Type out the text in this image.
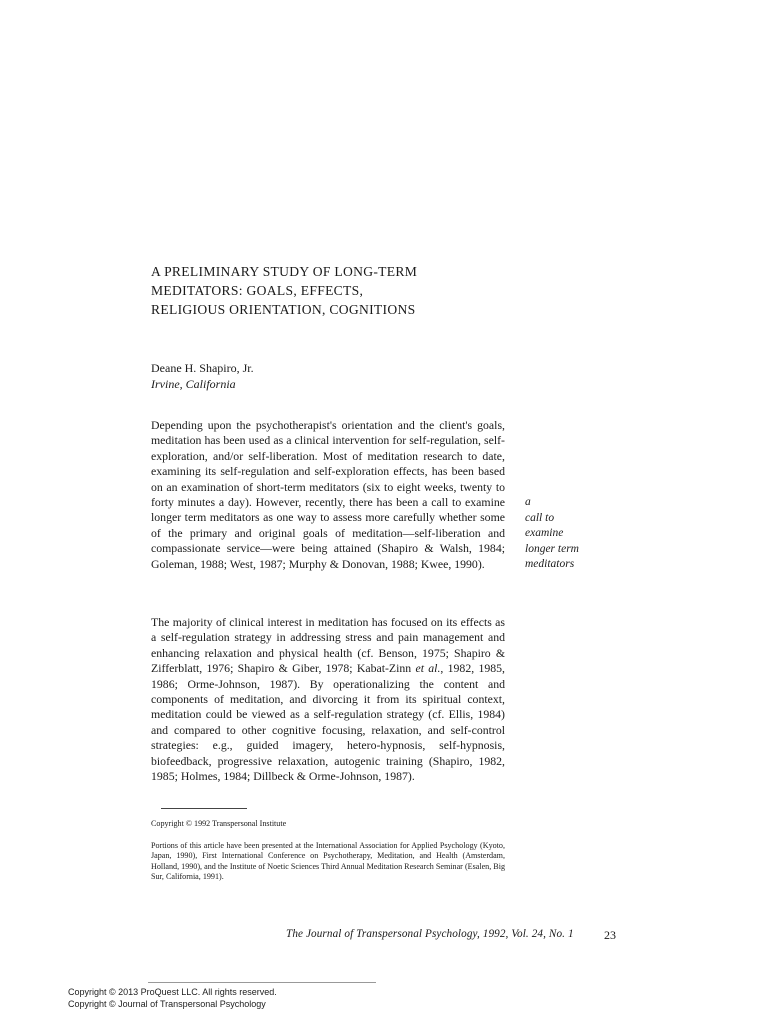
A PRELIMINARY STUDY OF LONG-TERM
MEDITATORS: GOALS, EFFECTS,
RELIGIOUS ORIENTATION, COGNITIONS
Deane H. Shapiro, Jr.
Irvine, California

Depending upon the psychotherapist's orientation and the client's goals, meditation has been used as a clinical intervention for self-regulation, self-exploration, and/or self-liberation. Most of meditation research to date, examining its self-regulation and self-exploration effects, has been based on an examination of short-term meditators (six to eight weeks, twenty to forty minutes a day). However, recently, there has been a call to examine longer term meditators as one way to assess more carefully whether some of the primary and original goals of meditation—self-liberation and compassionate service—were being attained (Shapiro & Walsh, 1984; Goleman, 1988; West, 1987; Murphy & Donovan, 1988; Kwee, 1990).

a
call to
examine
longer term
meditators

The majority of clinical interest in meditation has focused on its effects as a self-regulation strategy in addressing stress and pain management and enhancing relaxation and physical health (cf. Benson, 1975; Shapiro & Zifferblatt, 1976; Shapiro & Giber, 1978; Kabat-Zinn et al., 1982, 1985, 1986; Orme-Johnson, 1987). By operationalizing the content and components of meditation, and divorcing it from its spiritual context, meditation could be viewed as a self-regulation strategy (cf. Ellis, 1984) and compared to other cognitive focusing, relaxation, and self-control strategies: e.g., guided imagery, hetero-hypnosis, self-hypnosis, biofeedback, progressive relaxation, autogenic training (Shapiro, 1982, 1985; Holmes, 1984; Dillbeck & Orme-Johnson, 1987).

Copyright © 1992 Transpersonal Institute

Portions of this article have been presented at the International Association for Applied Psychology (Kyoto, Japan, 1990), First International Conference on Psychotherapy, Meditation, and Health (Amsterdam, Holland, 1990), and the Institute of Noetic Sciences Third Annual Meditation Research Seminar (Esalen, Big Sur, California, 1991).

The Journal of Transpersonal Psychology, 1992, Vol. 24, No. 1	23
Copyright © 2013 ProQuest LLC. All rights reserved.
Copyright © Journal of Transpersonal Psychology
